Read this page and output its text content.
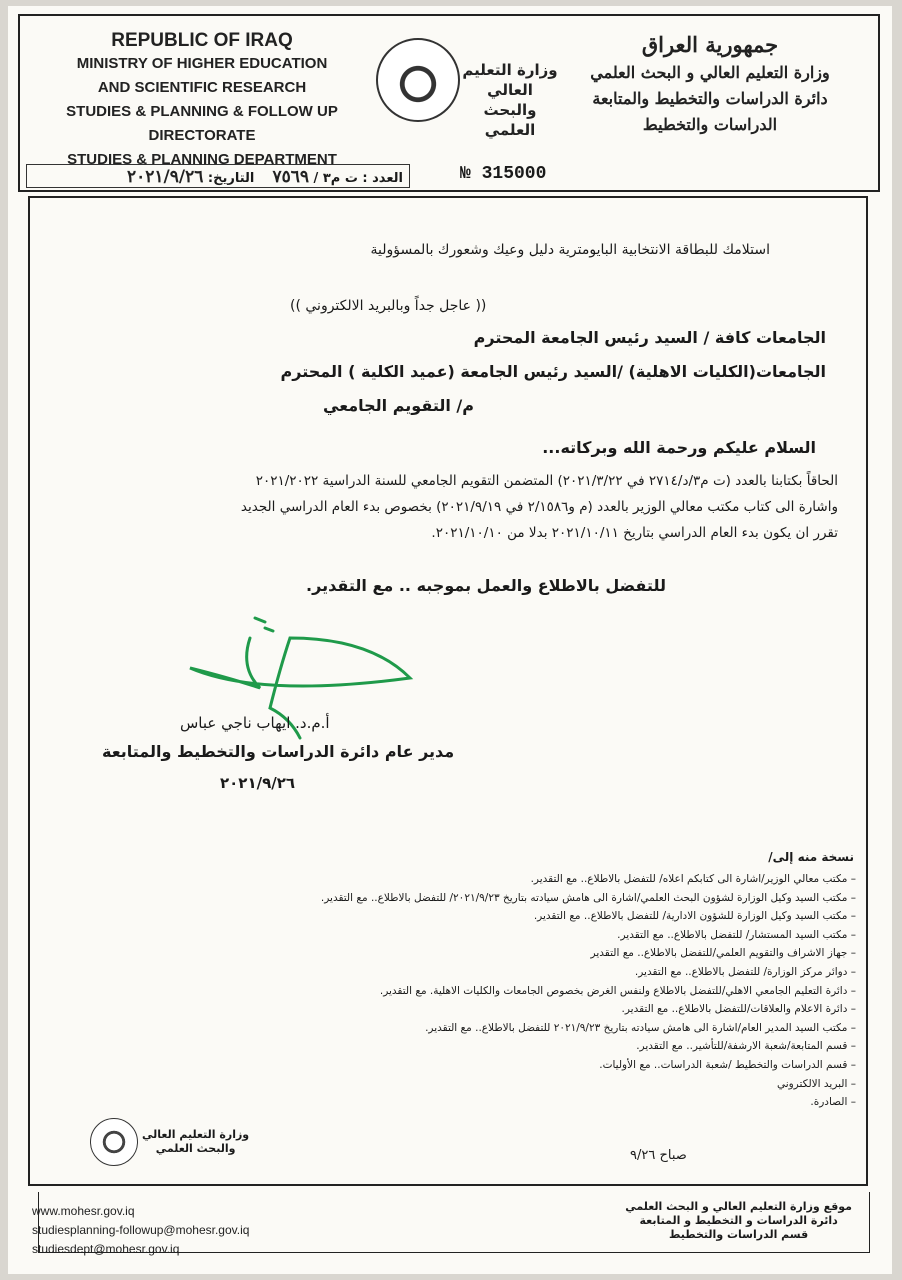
REPUBLIC OF IRAQ
MINISTRY OF HIGHER EDUCATION
AND SCIENTIFIC RESEARCH
STUDIES & PLANNING & FOLLOW UP DIRECTORATE
STUDIES & PLANNING DEPARTMENT
وزارة التعليم العالي
والبحث العلمي
جمهورية العراق
وزارة التعليم العالي و البحث العلمي
دائرة الدراسات والتخطيط والمتابعة
الدراسات والتخطيط
العدد : ت م٣ / ٧٥٦٩    التاريخ: ٢٠٢١/٩/٢٦	№ 315000
استلامك للبطاقة الانتخابية البايومترية دليل وعيك وشعورك بالمسؤولية
(( عاجل جداً وبالبريد الالكتروني ))
الجامعات كافة / السيد رئيس الجامعة المحترم
الجامعات(الكليات الاهلية) /السيد رئيس الجامعة (عميد الكلية ) المحترم
م/ التقويم الجامعي
السلام عليكم ورحمة الله وبركاته...
الحاقاً بكتابنا بالعدد (ت م٣/د/٢٧١٤ في ٢٠٢١/٣/٢٢) المتضمن التقويم الجامعي للسنة الدراسية ٢٠٢١/٢٠٢٢
واشارة الى كتاب مكتب معالي الوزير بالعدد (م و٢/١٥٨٦ في ٢٠٢١/٩/١٩) بخصوص بدء العام الدراسي الجديد
تقرر ان يكون بدء العام الدراسي بتاريخ ٢٠٢١/١٠/١١ بدلا من ٢٠٢١/١٠/١٠.
للتفضل بالاطلاع والعمل بموجبه .. مع التقدير.
أ.م.د. ايهاب ناجي عباس
مدير عام دائرة الدراسات والتخطيط والمتابعة
٢٠٢١/٩/٢٦
نسخة منه إلى/
– مكتب معالي الوزير/اشارة الى كتابكم اعلاه/ للتفضل بالاطلاع.. مع التقدير.
– مكتب السيد وكيل الوزارة لشؤون البحث العلمي/اشارة الى هامش سيادته بتاريخ ٢٠٢١/٩/٢٣/ للتفضل بالاطلاع.. مع التقدير.
– مكتب السيد وكيل الوزارة للشؤون الادارية/ للتفضل بالاطلاع.. مع التقدير.
– مكتب السيد المستشار/ للتفضل بالاطلاع.. مع التقدير.
– جهاز الاشراف والتقويم العلمي/للتفضل بالاطلاع.. مع التقدير
– دوائر مركز الوزارة/ للتفضل بالاطلاع.. مع التقدير.
– دائرة التعليم الجامعي الاهلي/للتفضل بالاطلاع ولنفس الغرض بخصوص الجامعات والكليات الاهلية. مع التقدير.
– دائرة الاعلام والعلاقات/للتفضل بالاطلاع.. مع التقدير.
– مكتب السيد المدير العام/اشارة الى هامش سيادته بتاريخ ٢٠٢١/٩/٢٣ للتفضل بالاطلاع.. مع التقدير.
– قسم المتابعة/شعبة الارشفة/للتأشير.. مع التقدير.
– قسم الدراسات والتخطيط /شعبة الدراسات.. مع الأوليات.
– البريد الالكتروني
– الصادرة.
وزارة التعليم العالي
والبحث العلمي	صباح ٩/٢٦
www.mohesr.gov.iq
studiesplanning-followup@mohesr.gov.iq
studiesdept@mohesr.gov.iq
موقع وزارة التعليم العالي و البحث العلمي
دائرة الدراسات و التخطيط و المتابعة
قسم الدراسات والتخطيط
